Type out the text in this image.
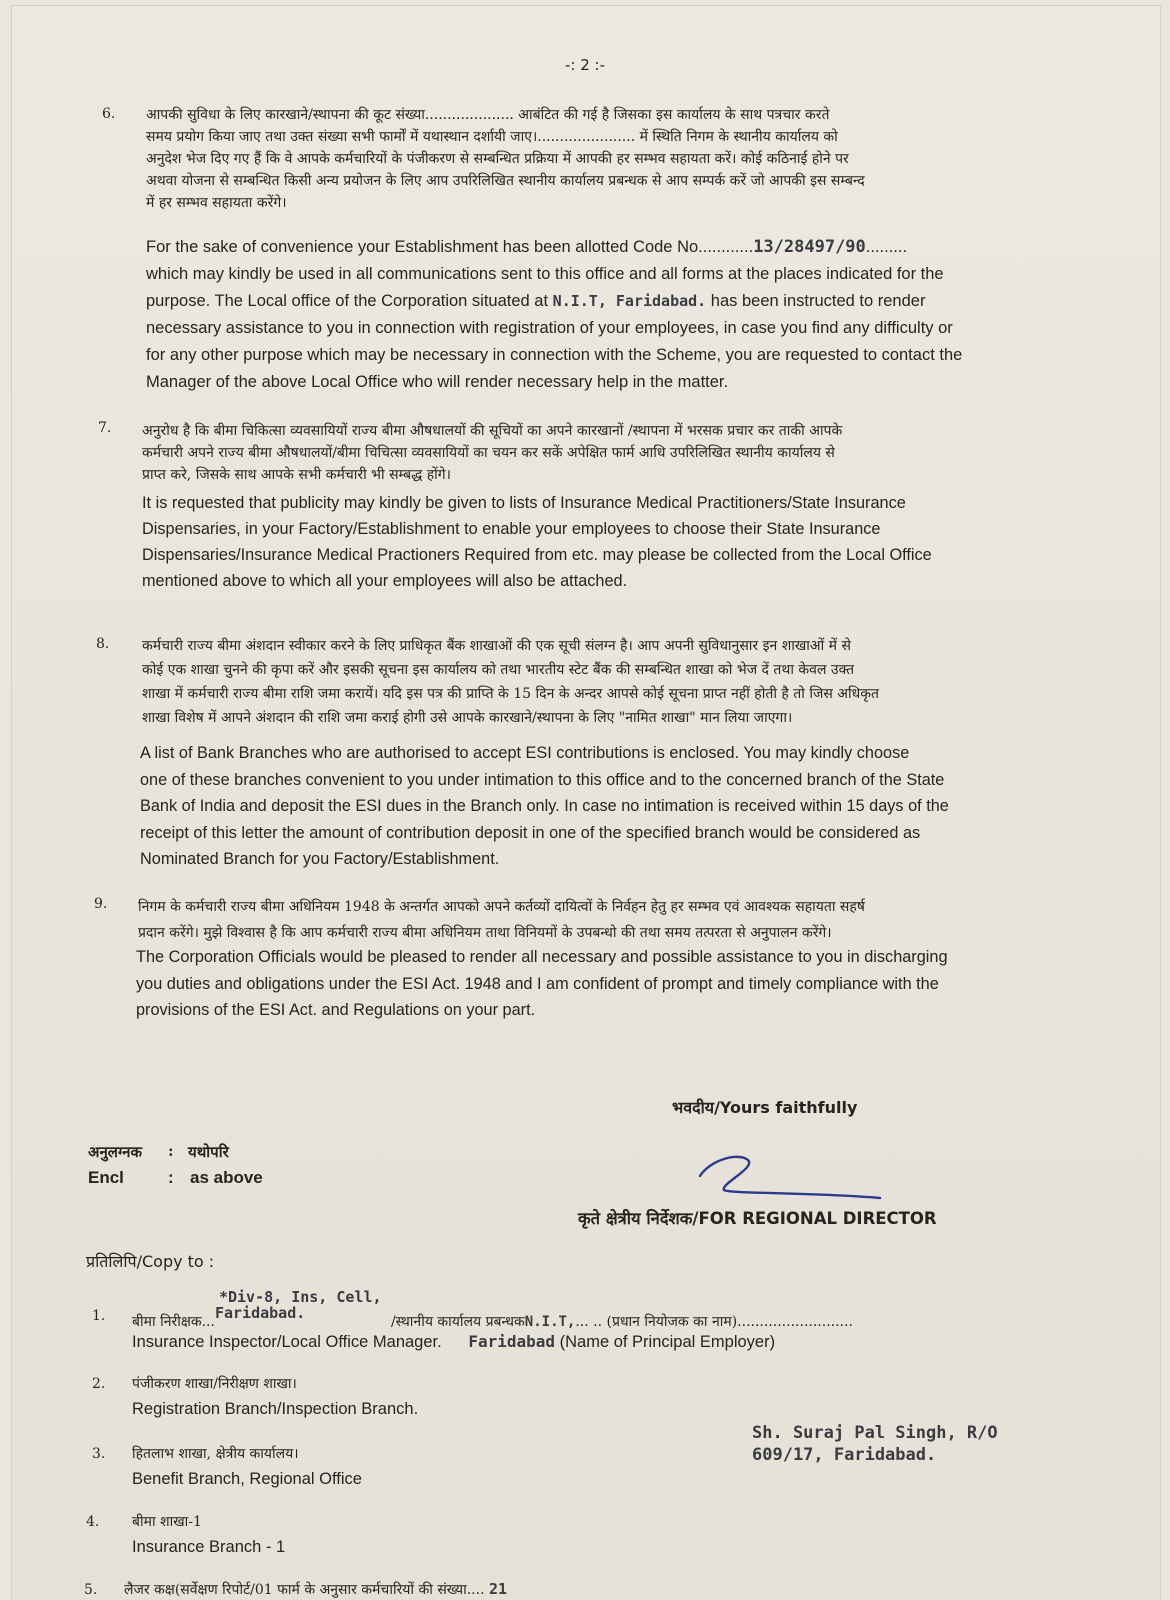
-: 2 :-
6. आपकी सुविधा के लिए कारखाने/स्थापना की कूट संख्या.................... आबंटित की गई है जिसका इस कार्यालय के साथ पत्रचार करते
समय प्रयोग किया जाए तथा उक्त संख्या सभी फार्मों में यथास्थान दर्शायी जाए।...................... में स्थिति निगम के स्थानीय कार्यालय को
अनुदेश भेज दिए गए हैं कि वे आपके कर्मचारियों के पंजीकरण से सम्बन्धित प्रक्रिया में आपकी हर सम्भव सहायता करें। कोई कठिनाई होने पर
अथवा योजना से सम्बन्धित किसी अन्य प्रयोजन के लिए आप उपरिलिखित स्थानीय कार्यालय प्रबन्धक से आप सम्पर्क करें जो आपकी इस सम्बन्द
में हर सम्भव सहायता करेंगे।
For the sake of convenience your Establishment has been allotted Code No............13/28497/90.........
which may kindly be used in all communications sent to this office and all forms at the places indicated for the
purpose. The Local office of the Corporation situated at N.I.T, Faridabad. has been instructed to render
necessary assistance to you in connection with registration of your employees, in case you find any difficulty or
for any other purpose which may be necessary in connection with the Scheme, you are requested to contact the
Manager of the above Local Office who will render necessary help in the matter.
7. अनुरोध है कि बीमा चिकित्सा व्यवसायियों राज्य बीमा औषधालयों की सूचियों का अपने कारखानों /स्थापना में भरसक प्रचार कर ताकी आपके
कर्मचारी अपने राज्य बीमा औषधालयों/बीमा चिचित्सा व्यवसायियों का चयन कर सकें अपेक्षित फार्म आधि उपरिलिखित स्थानीय कार्यालय से
प्राप्त करे, जिसके साथ आपके सभी कर्मचारी भी सम्बद्ध होंगे।
It is requested that publicity may kindly be given to lists of Insurance Medical Practitioners/State Insurance
Dispensaries, in your Factory/Establishment to enable your employees to choose their State Insurance
Dispensaries/Insurance Medical Practioners Required from etc. may please be collected from the Local Office
mentioned above to which all your employees will also be attached.
8. कर्मचारी राज्य बीमा अंशदान स्वीकार करने के लिए प्राधिकृत बैंक शाखाओं की एक सूची संलग्न है। आप अपनी सुविधानुसार इन शाखाओं में से
कोई एक शाखा चुनने की कृपा करें और इसकी सूचना इस कार्यालय को तथा भारतीय स्टेट बैंक की सम्बन्धित शाखा को भेज दें तथा केवल उक्त
शाखा में कर्मचारी राज्य बीमा राशि जमा करायें। यदि इस पत्र की प्राप्ति के 15 दिन के अन्दर आपसे कोई सूचना प्राप्त नहीं होती है तो जिस अधिकृत
शाखा विशेष में आपने अंशदान की राशि जमा कराई होगी उसे आपके कारखाने/स्थापना के लिए "नामित शाखा" मान लिया जाएगा।
A list of Bank Branches who are authorised to accept ESI contributions is enclosed. You may kindly choose
one of these branches convenient to you under intimation to this office and to the concerned branch of the State
Bank of India and deposit the ESI dues in the Branch only. In case no intimation is received within 15 days of the
receipt of this letter the amount of contribution deposit in one of the specified branch would be considered as
Nominated Branch for you Factory/Establishment.
9. निगम के कर्मचारी राज्य बीमा अधिनियम 1948 के अन्तर्गत आपको अपने कर्तव्यों दायित्वों के निर्वहन हेतु हर सम्भव एवं आवश्यक सहायता सहर्ष
प्रदान करेंगे। मुझे विश्वास है कि आप कर्मचारी राज्य बीमा अधिनियम ताथा विनियमों के उपबन्धो की तथा समय तत्परता से अनुपालन करेंगे।
The Corporation Officials would be pleased to render all necessary and possible assistance to you in discharging
you duties and obligations under the ESI Act. 1948 and I am confident of prompt and timely compliance with the
provisions of the ESI Act. and Regulations on your part.
भवदीय/Yours faithfully
अनुलग्नक : यथोपरि
Encl	: as above
कृते क्षेत्रीय निर्देशक/FOR REGIONAL DIRECTOR
प्रतिलिपि/Copy to :
1. बीमा निरीक्षक...
*Div-8, Ins, Cell,
Faridabad.	/स्थानीय कार्यालय प्रबन्धकN.I.T,... .. (प्रधान नियोजक का नाम)..........................
Insurance Inspector/Local Office Manager. Faridabad (Name of Principal Employer)
2. पंजीकरण शाखा/निरीक्षण शाखा।
Registration Branch/Inspection Branch.
3. हितलाभ शाखा, क्षेत्रीय कार्यालय।
Benefit Branch, Regional Office
Sh. Suraj Pal Singh, R/O
609/17, Faridabad.
4. बीमा शाखा-1
Insurance Branch - 1
5. लैजर कक्ष(सर्वेक्षण रिपोर्ट/01 फार्म के अनुसार कर्मचारियों की संख्या.... 21
